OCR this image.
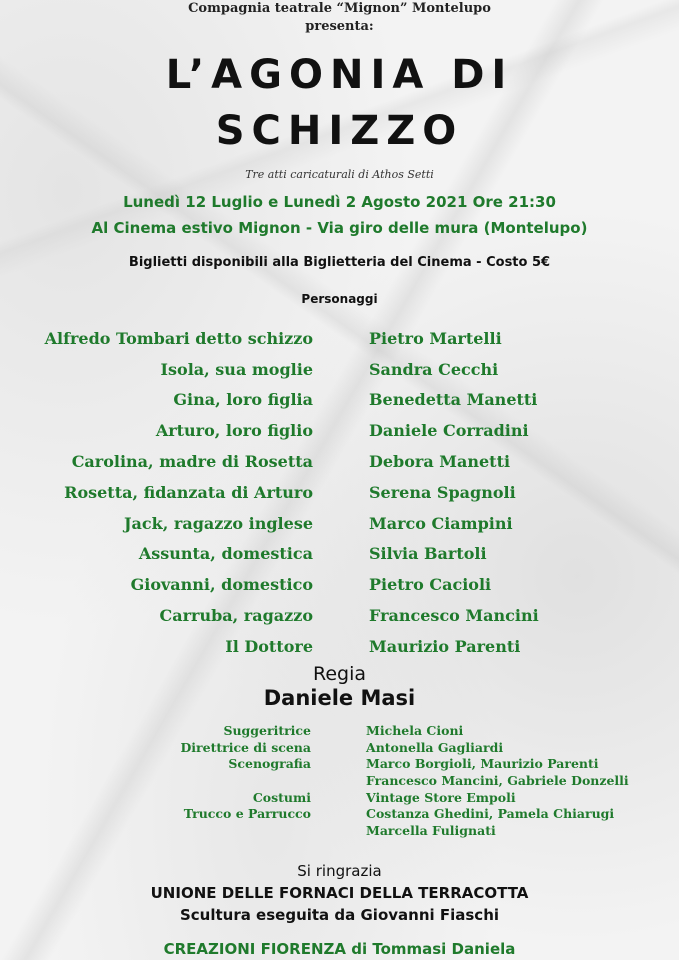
Compagnia teatrale “Mignon” Montelupo
presenta:
L’AGONIA DI
SCHIZZO
Tre atti caricaturali di Athos Setti
Lunedì 12 Luglio e Lunedì 2 Agosto 2021 Ore 21:30
Al Cinema estivo Mignon - Via giro delle mura (Montelupo)
Biglietti disponibili alla Biglietteria del Cinema - Costo 5€
Personaggi
Alfredo Tombari detto schizzo	Pietro Martelli
Isola, sua moglie	Sandra Cecchi
Gina, loro figlia	Benedetta Manetti
Arturo, loro figlio	Daniele Corradini
Carolina, madre di Rosetta	Debora Manetti
Rosetta, fidanzata di Arturo	Serena Spagnoli
Jack, ragazzo inglese	Marco Ciampini
Assunta, domestica	Silvia Bartoli
Giovanni, domestico	Pietro Cacioli
Carruba, ragazzo	Francesco Mancini
Il Dottore	Maurizio Parenti
Regia
Daniele Masi
Suggeritrice	Michela Cioni
Direttrice di scena	Antonella Gagliardi
Scenografia	Marco Borgioli, Maurizio Parenti
Francesco Mancini, Gabriele Donzelli
Costumi	Vintage Store Empoli
Trucco e Parrucco	Costanza Ghedini, Pamela Chiarugi
Marcella Fulignati
Si ringrazia
UNIONE DELLE FORNACI DELLA TERRACOTTA
Scultura eseguita da Giovanni Fiaschi
CREAZIONI FIORENZA di Tommasi Daniela
